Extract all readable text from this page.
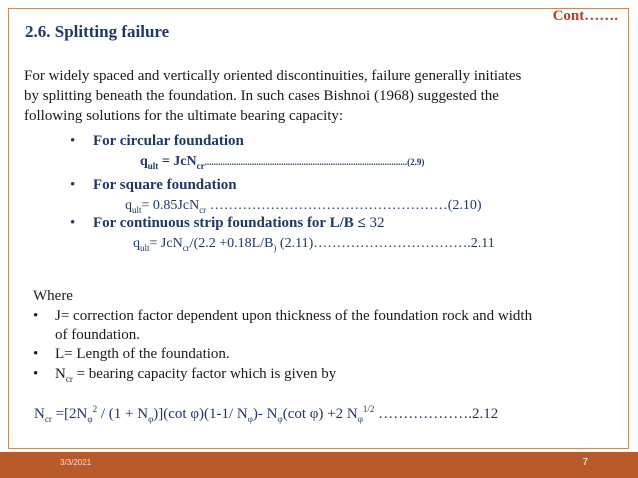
Cont…….
2.6. Splitting failure
For widely spaced and vertically oriented discontinuities, failure generally initiates
by splitting beneath the foundation. In such cases Bishnoi (1968) suggested the
following solutions for the ultimate bearing capacity:
• For circular foundation
$q_{ult} = JcN_{cr}..........................................................................................(2.9)$
• For square foundation
$q_{ult}= 0.85JcN_{cr}$ ……………………………………………(2.10)
• For continuous strip foundations for L/B ≤ 32
$q_{ult}= JcN_{cr}/(2.2 +0.18L/B_)$ (2.11)…………………………….2.11
Where
• J= correction factor dependent upon thickness of the foundation rock and width
of foundation.
• L= Length of the foundation.
• $N_{cr}$ = bearing capacity factor which is given by
$N_{cr} =[2N_\varphi^2 / (1 + N_\varphi)](\cot$ φ)(1-1/ $N_\varphi)-$ $N_\varphi(\cot$ φ) +2 $N_\varphi^{1/2}$ ……………….2.12
3/3/2021	7
